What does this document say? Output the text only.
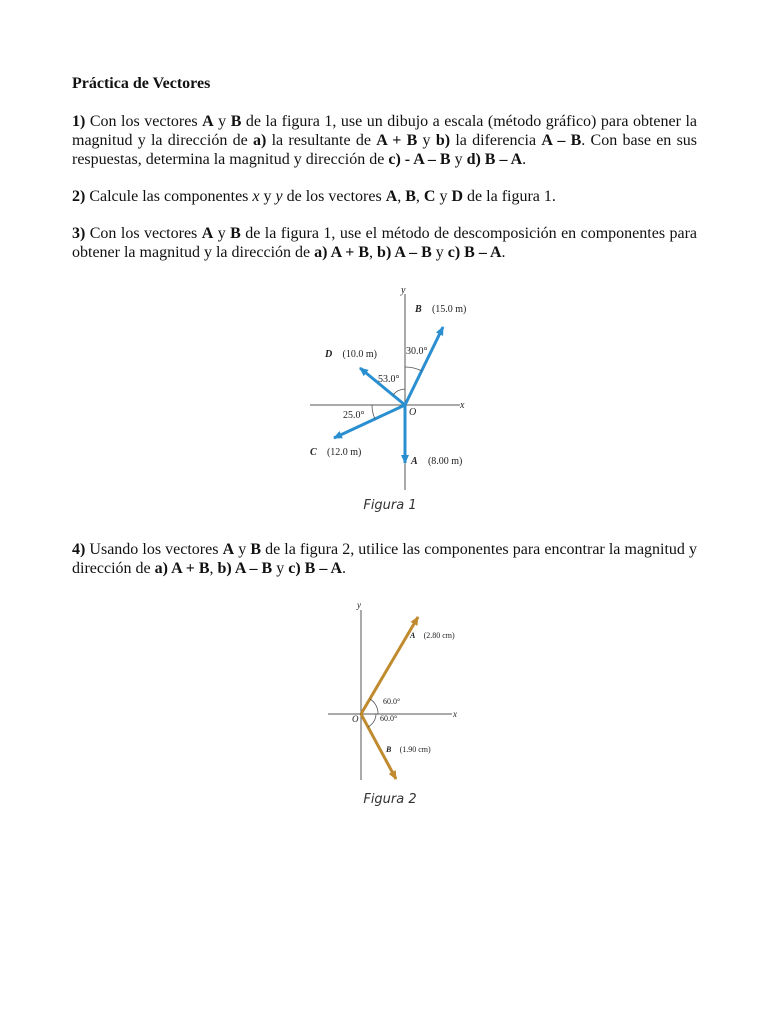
Práctica de Vectores

1) Con los vectores A y B de la figura 1, use un dibujo a escala (método gráfico) para obtener la magnitud y la dirección de a) la resultante de A + B y b) la diferencia A – B. Con base en sus respuestas, determina la magnitud y dirección de c) - A – B y d) B – A.

2) Calcule las componentes x y y de los vectores A, B, C y D de la figura 1.

3) Con los vectores A y B de la figura 1, use el método de descomposición en componentes para obtener la magnitud y la dirección de a) A + B, b) A – B y c) B – A.

x
y
O
B⃗ (15.0 m)
30.0°
D⃗ (10.0 m)
53.0°
25.0°
C⃗ (12.0 m)
A⃗ (8.00 m)
Figura 1

4) Usando los vectores A y B de la figura 2, utilice las componentes para encontrar la magnitud y dirección de a) A + B, b) A – B y c) B – A.

x
y
O
A⃗ (2.80 cm)
60.0°
60.0°
B⃗ (1.90 cm)
Figura 2
